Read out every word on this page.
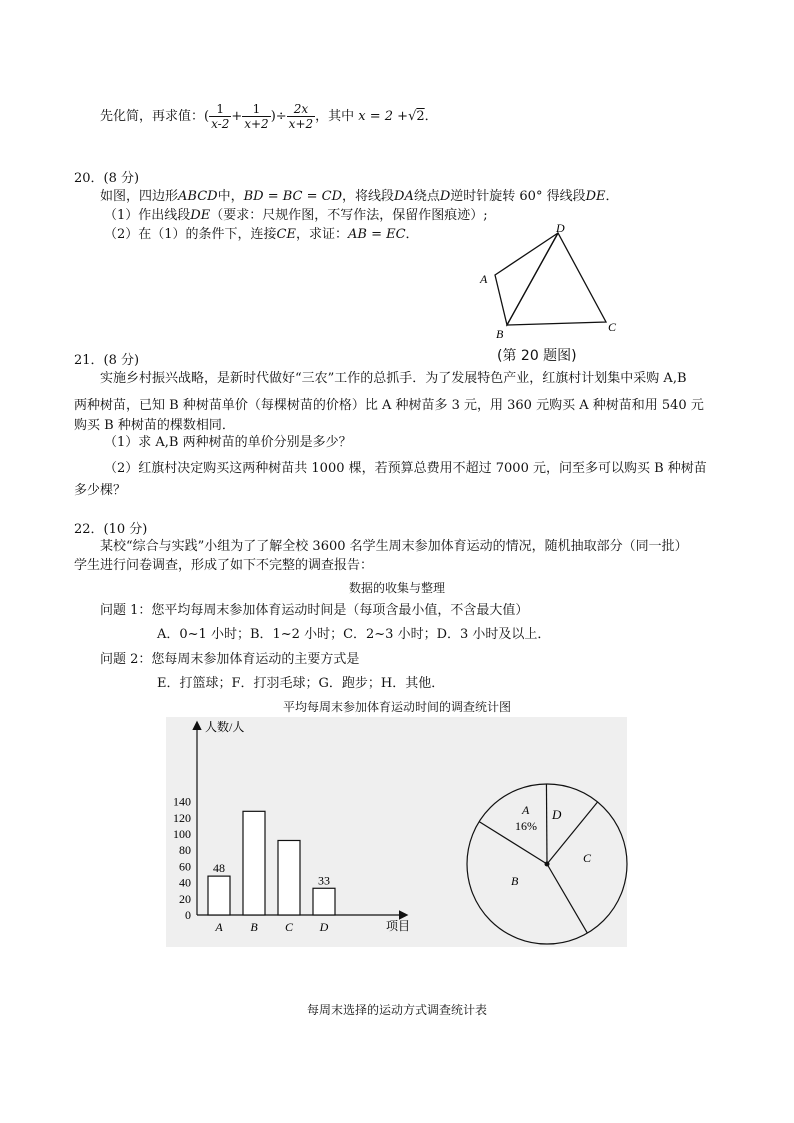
先化简，再求值：( $\frac{1}{x-2} + \frac{1}{x+2}$ )÷ $\frac{2x}{x+2}$ ，其中 x = 2 +√2．
20．(8 分)
如图，四边形ABCD中，BD = BC = CD，将线段DA绕点D逆时针旋转 60° 得线段DE．
（1）作出线段DE（要求：尺规作图，不写作法，保留作图痕迹）;
（2）在（1）的条件下，连接CE，求证：AB = EC．
A
B	C
D
(第 20 题图)
21．(8 分)
实施乡村振兴战略，是新时代做好“三农”工作的总抓手．为了发展特色产业，红旗村计划集中采购 A,B
两种树苗，已知 B 种树苗单价（每棵树苗的价格）比 A 种树苗多 3 元，用 360 元购买 A 种树苗和用 540 元
购买 B 种树苗的棵数相同．
（1）求 A,B 两种树苗的单价分别是多少？
（2）红旗村决定购买这两种树苗共 1000 棵，若预算总费用不超过 7000 元，问至多可以购买 B 种树苗
多少棵？
22．(10 分)
某校“综合与实践”小组为了了解全校 3600 名学生周末参加体育运动的情况，随机抽取部分（同一批）
学生进行问卷调查，形成了如下不完整的调查报告：
数据的收集与整理
问题 1：您平均每周末参加体育运动时间是（每项含最小值，不含最大值）
A．0~1 小时；B．1~2 小时；C．2~3 小时；D．3 小时及以上．
问题 2：您每周末参加体育运动的主要方式是
E．打篮球；F．打羽毛球；G．跑步；H．其他．
平均每周末参加体育运动时间的调查统计图
人数/人
项目
0
20
40
60
80
100
120
140
A
48
B C D
33
A
16%
D
C
B
每周末选择的运动方式调查统计表
